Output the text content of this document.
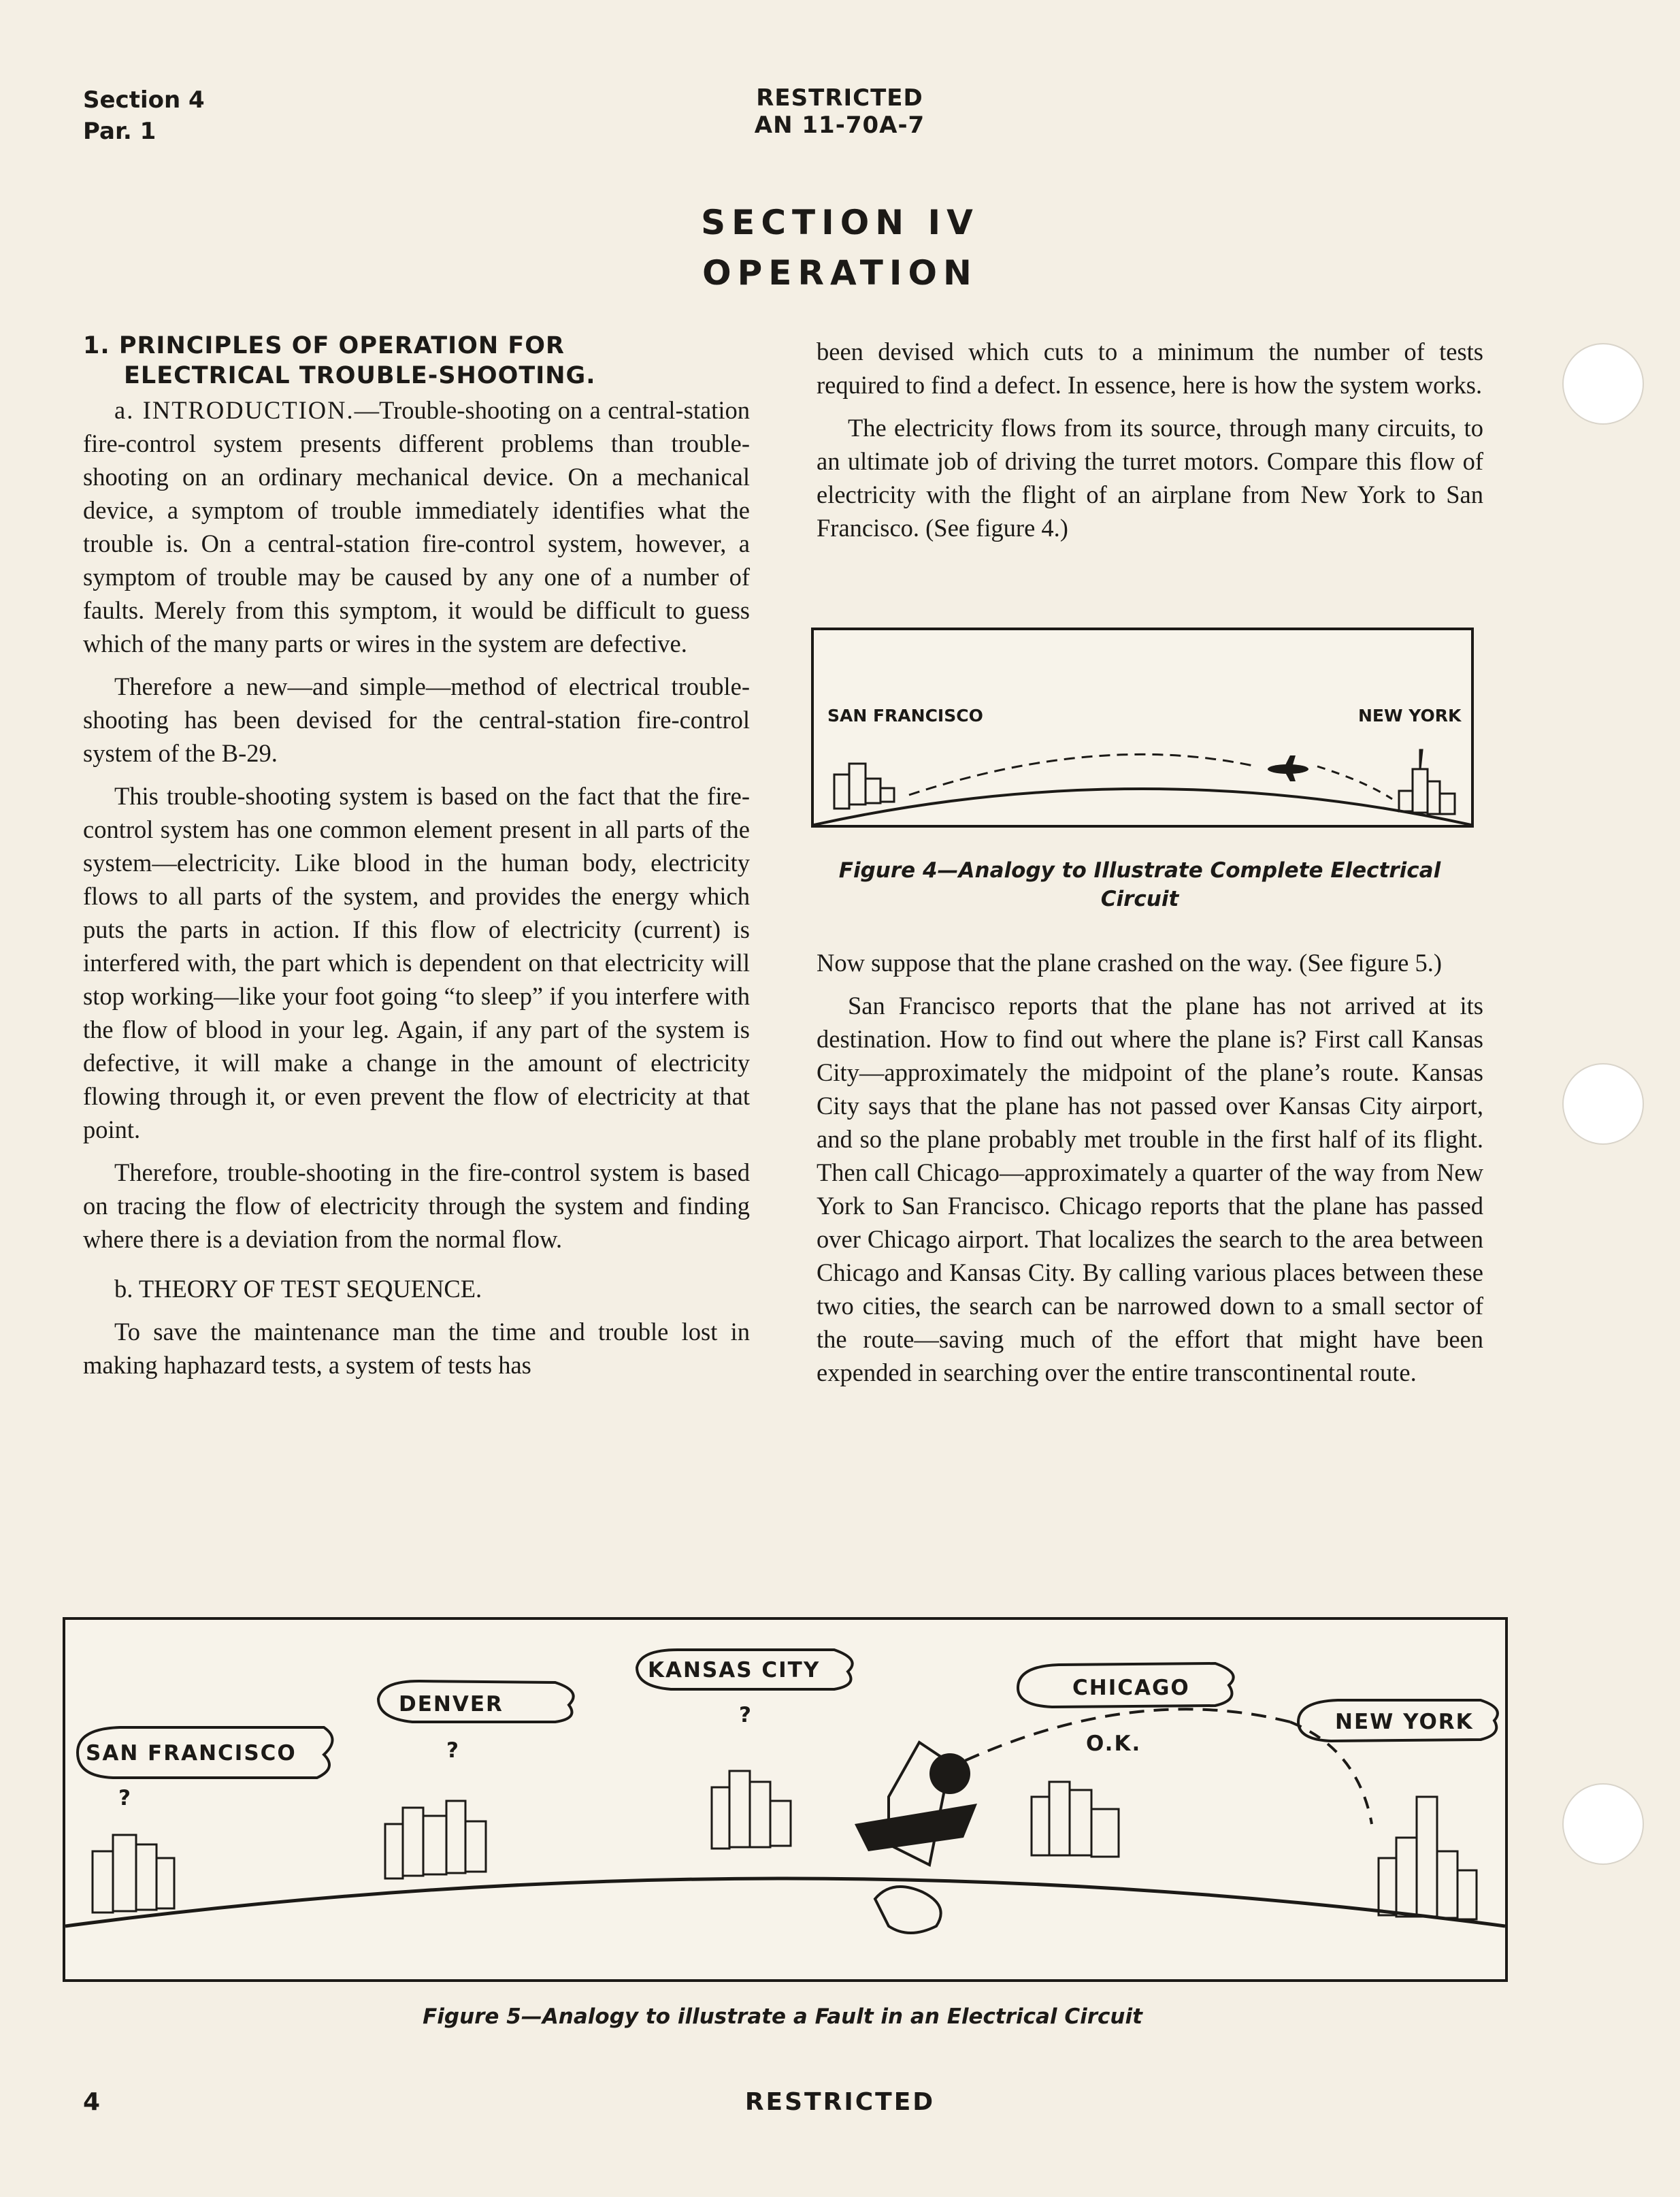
Section 4
Par. 1
RESTRICTED
AN 11-70A-7
SECTION IV
OPERATION

1. PRINCIPLES OF OPERATION FOR
ELECTRICAL TROUBLE-SHOOTING.

a. INTRODUCTION.—Trouble-shooting on a central-station fire-control system presents different problems than trouble-shooting on an ordinary mechanical device. On a mechanical device, a symptom of trouble immediately identifies what the trouble is. On a central-station fire-control system, however, a symptom of trouble may be caused by any one of a number of faults. Merely from this symptom, it would be difficult to guess which of the many parts or wires in the system are defective.

Therefore a new—and simple—method of electrical trouble-shooting has been devised for the central-station fire-control system of the B-29.

This trouble-shooting system is based on the fact that the fire-control system has one common element present in all parts of the system—electricity. Like blood in the human body, electricity flows to all parts of the system, and provides the energy which puts the parts in action. If this flow of electricity (current) is interfered with, the part which is dependent on that electricity will stop working—like your foot going “to sleep” if you interfere with the flow of blood in your leg. Again, if any part of the system is defective, it will make a change in the amount of electricity flowing through it, or even prevent the flow of electricity at that point.

Therefore, trouble-shooting in the fire-control system is based on tracing the flow of electricity through the system and finding where there is a deviation from the normal flow.

b. THEORY OF TEST SEQUENCE.

To save the maintenance man the time and trouble lost in making haphazard tests, a system of tests has

been devised which cuts to a minimum the number of tests required to find a defect. In essence, here is how the system works.

The electricity flows from its source, through many circuits, to an ultimate job of driving the turret motors. Compare this flow of electricity with the flight of an airplane from New York to San Francisco. (See figure 4.)

SAN FRANCISCO	NEW YORK
Figure 4—Analogy to Illustrate Complete Electrical
Circuit

Now suppose that the plane crashed on the way. (See figure 5.)

San Francisco reports that the plane has not arrived at its destination. How to find out where the plane is? First call Kansas City—approximately the midpoint of the plane’s route. Kansas City says that the plane has not passed over Kansas City airport, and so the plane probably met trouble in the first half of its flight. Then call Chicago—approximately a quarter of the way from New York to San Francisco. Chicago reports that the plane has passed over Chicago airport. That localizes the search to the area between Chicago and Kansas City. By calling various places between these two cities, the search can be narrowed down to a small sector of the route—saving much of the effort that might have been expended in searching over the entire transcontinental route.

SAN FRANCISCO
DENVER
KANSAS CITY
CHICAGO
NEW YORK
?
?
?
O.K.
Figure 5—Analogy to illustrate a Fault in an Electrical Circuit
4	RESTRICTED
